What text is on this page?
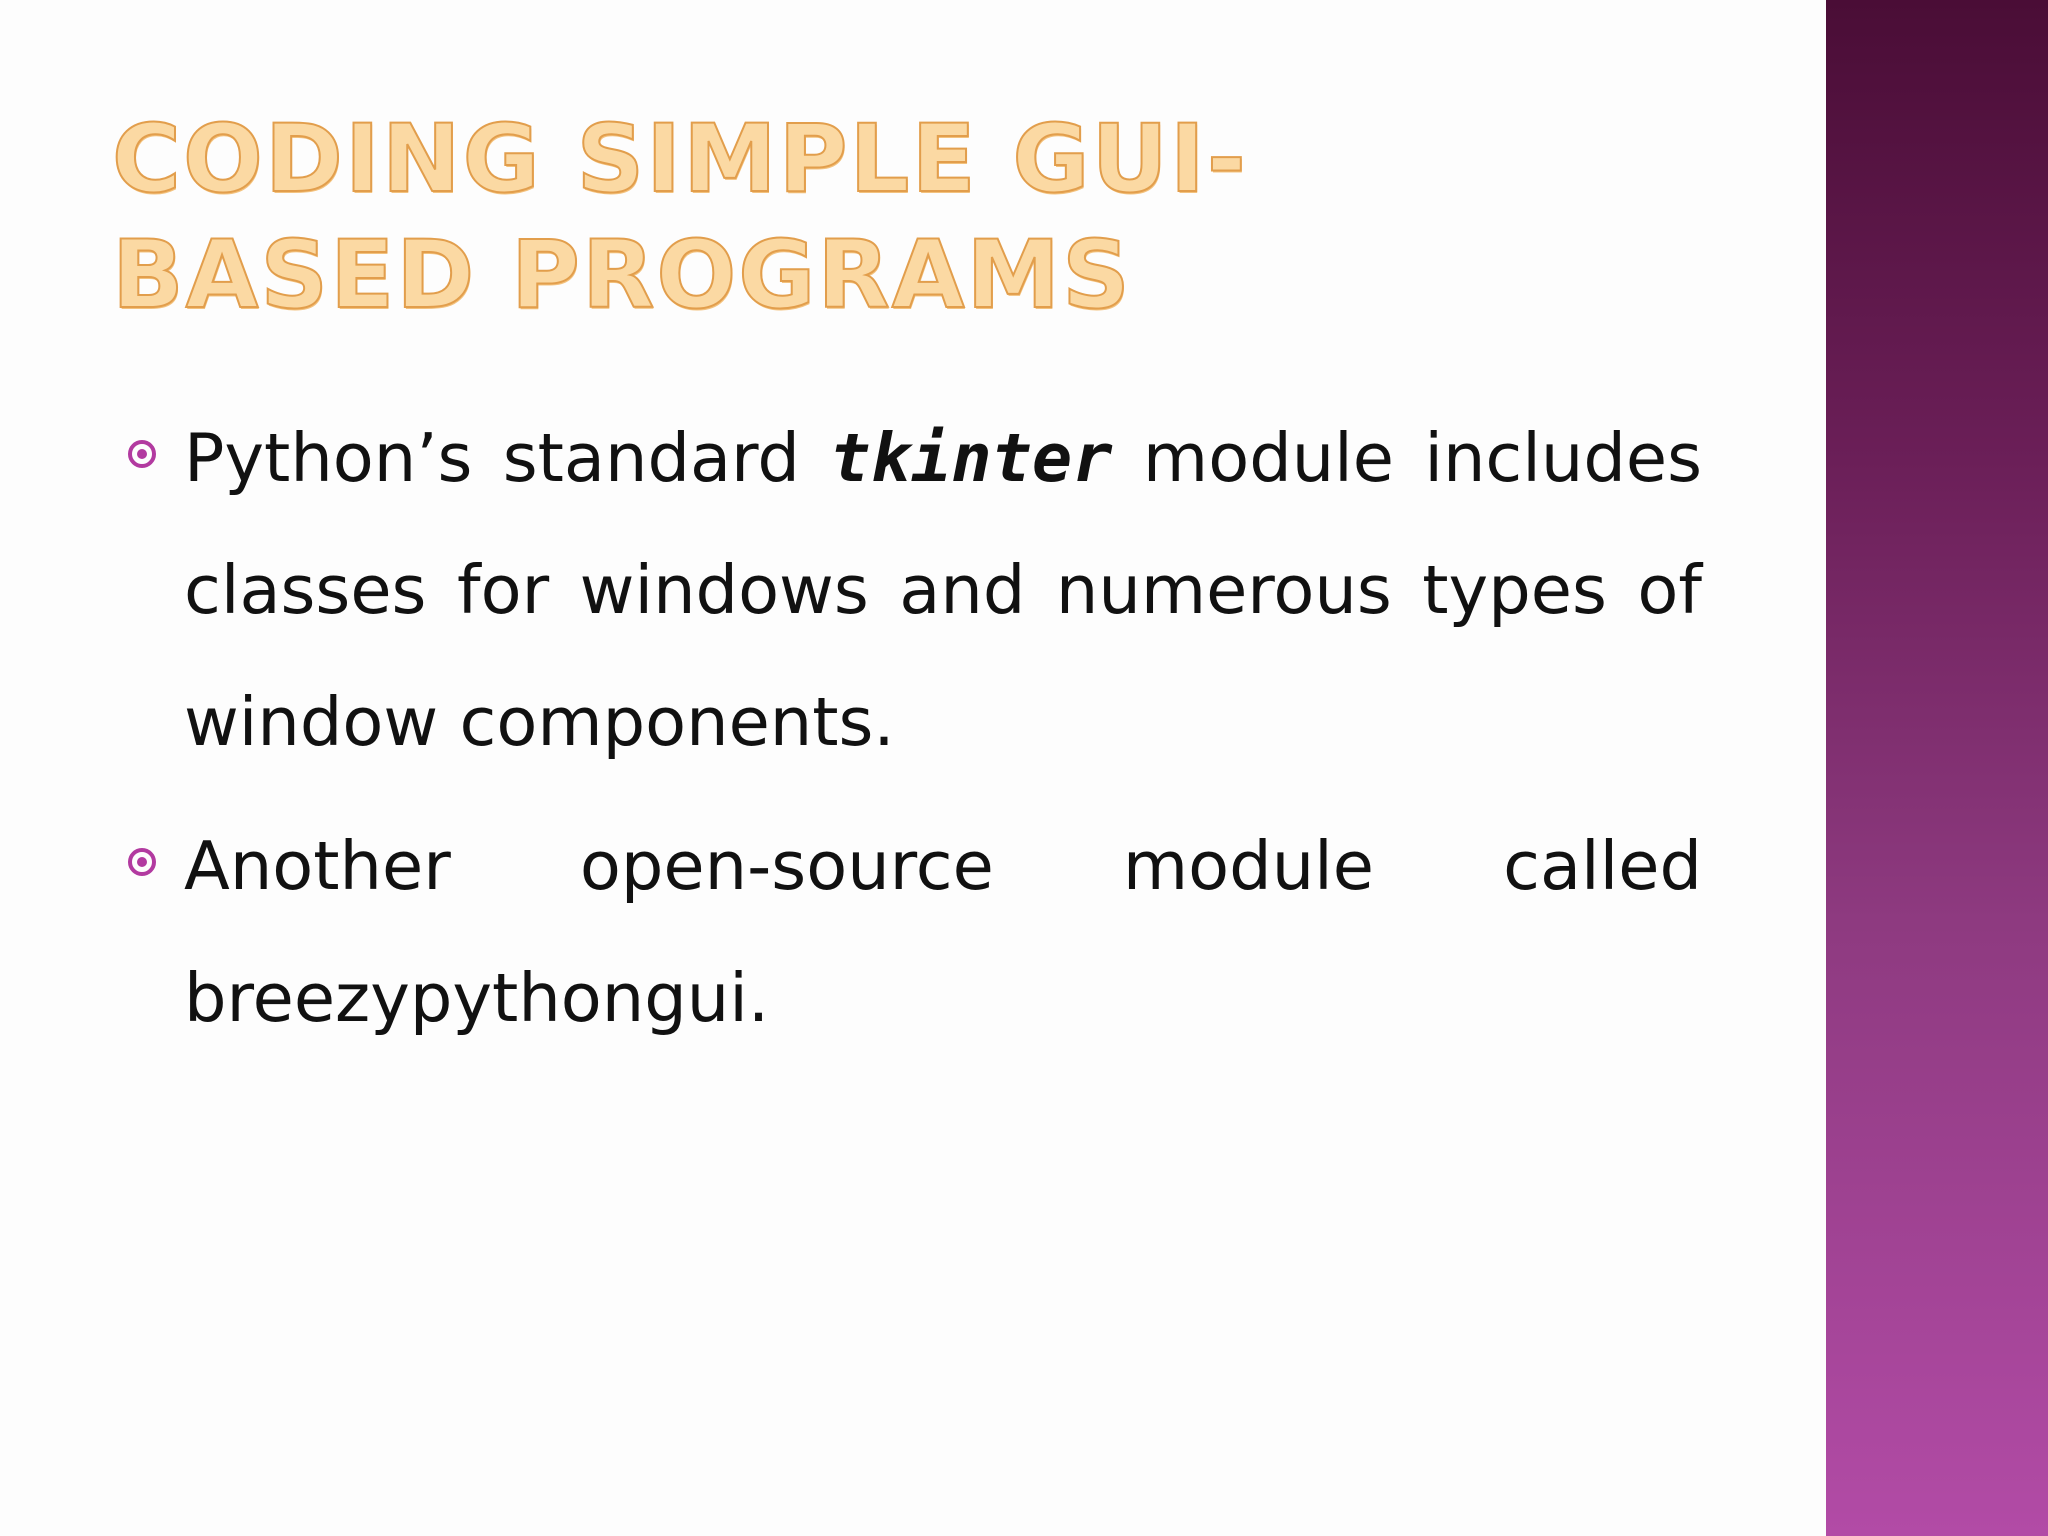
CODING SIMPLE GUI-BASED PROGRAMS
Python’s standard tkinter module includes classes for windows and numerous types of window components.
Another open-source module called breezypythongui.
